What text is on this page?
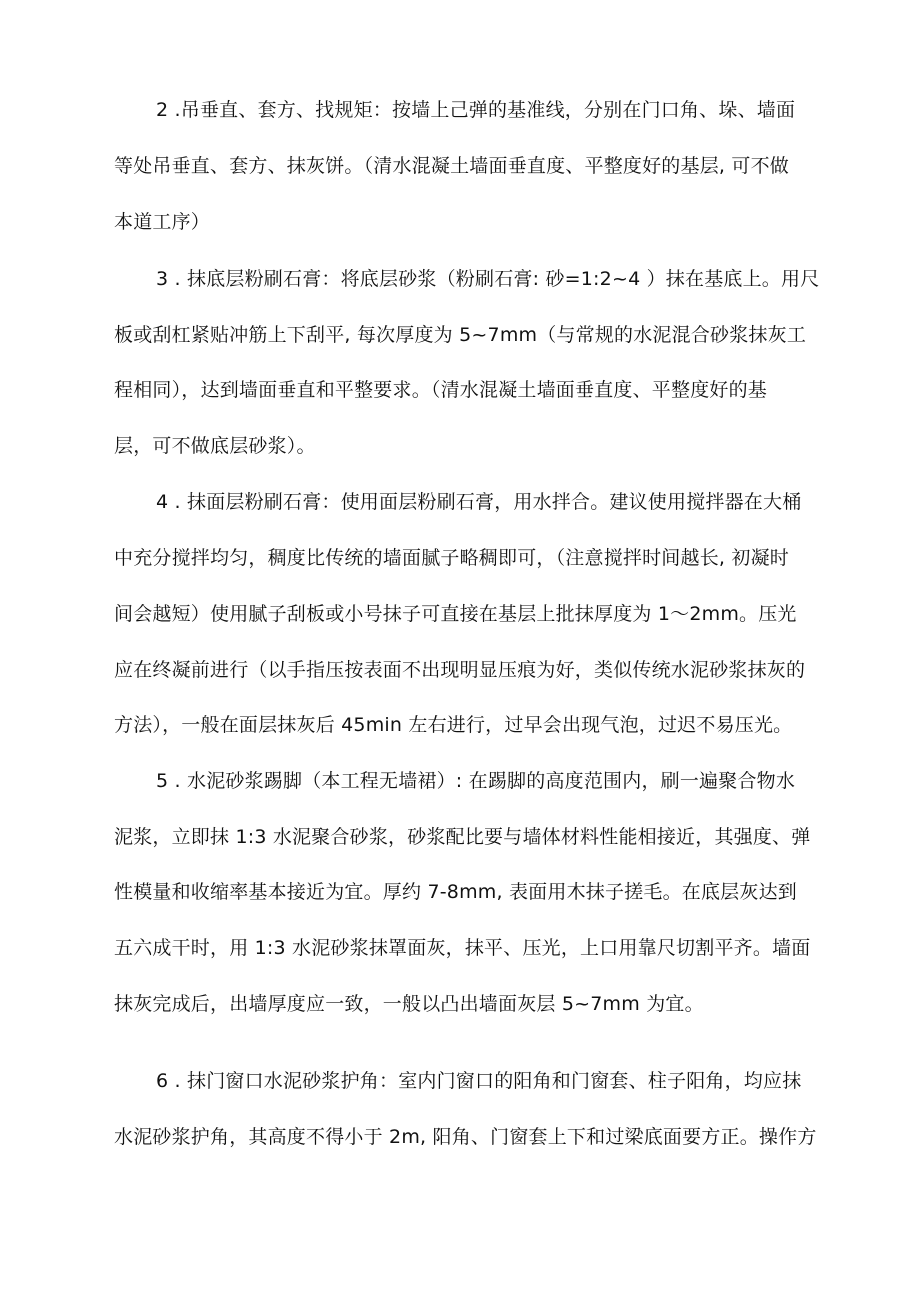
2 .吊垂直、套方、找规矩：按墙上己弹的基准线，分别在门口角、垛、墙面
等处吊垂直、套方、抹灰饼。（清水混凝土墙面垂直度、平整度好的基层, 可不做
本道工序）
3 . 抹底层粉刷石膏：将底层砂浆（粉刷石膏: 砂=1:2~4 ）抹在基底上。用尺
板或刮杠紧贴冲筋上下刮平, 每次厚度为 5~7mm（与常规的水泥混合砂浆抹灰工
程相同），达到墙面垂直和平整要求。（清水混凝土墙面垂直度、平整度好的基
层，可不做底层砂浆）。
4 . 抹面层粉刷石膏：使用面层粉刷石膏，用水拌合。建议使用搅拌器在大桶
中充分搅拌均匀，稠度比传统的墙面腻子略稠即可，（注意搅拌时间越长, 初凝时
间会越短）使用腻子刮板或小号抹子可直接在基层上批抹厚度为 1～2mm。压光
应在终凝前进行（以手指压按表面不出现明显压痕为好，类似传统水泥砂浆抹灰的
方法），一般在面层抹灰后 45min 左右进行，过早会出现气泡，过迟不易压光。
5 . 水泥砂浆踢脚（本工程无墙裙）: 在踢脚的高度范围内，刷一遍聚合物水
泥浆，立即抹 1:3 水泥聚合砂浆，砂浆配比要与墙体材料性能相接近，其强度、弹
性模量和收缩率基本接近为宜。厚约 7-8mm, 表面用木抹子搓毛。在底层灰达到
五六成干时，用 1:3 水泥砂浆抹罩面灰，抹平、压光，上口用靠尺切割平齐。墙面
抹灰完成后，出墙厚度应一致，一般以凸出墙面灰层 5~7mm 为宜。
6 . 抹门窗口水泥砂浆护角：室内门窗口的阳角和门窗套、柱子阳角，均应抹
水泥砂浆护角，其高度不得小于 2m, 阳角、门窗套上下和过梁底面要方正。操作方
